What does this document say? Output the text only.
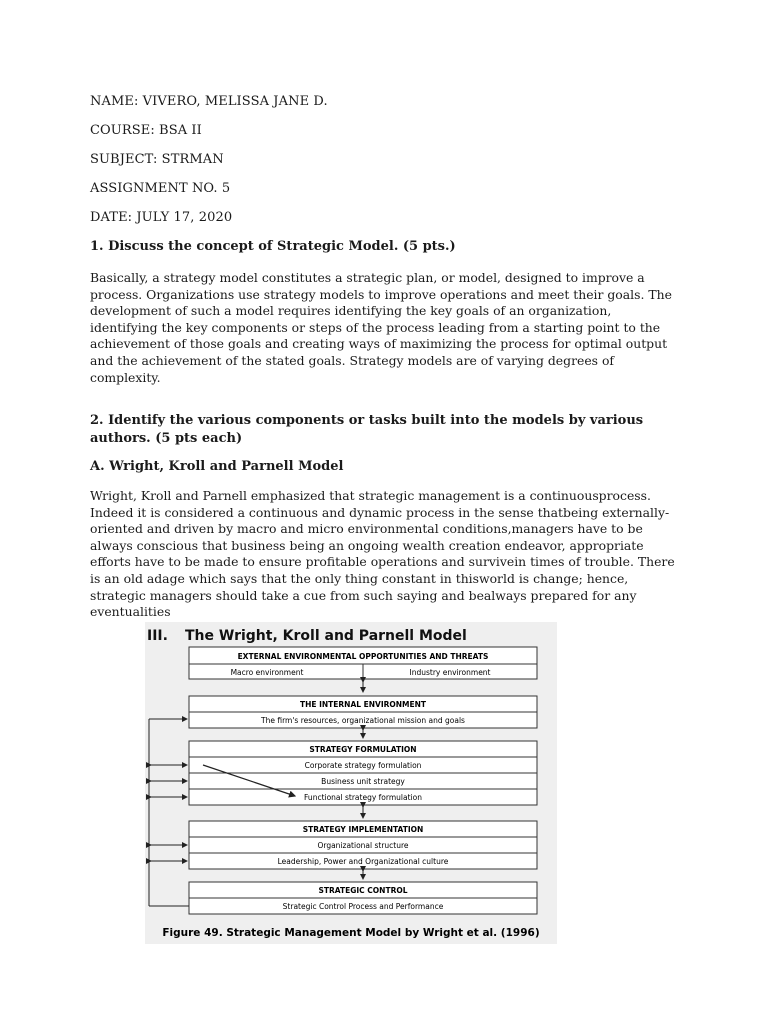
NAME: VIVERO, MELISSA JANE D.
COURSE: BSA II
SUBJECT: STRMAN
ASSIGNMENT NO. 5
DATE: JULY 17, 2020
1. Discuss the concept of Strategic Model. (5 pts.)
Basically, a strategy model constitutes a strategic plan, or model, designed to improve a process. Organizations use strategy models to improve operations and meet their goals. The development of such a model requires identifying the key goals of an organization, identifying the key components or steps of the process leading from a starting point to the achievement of those goals and creating ways of maximizing the process for optimal output and the achievement of the stated goals. Strategy models are of varying degrees of complexity.
2. Identify the various components or tasks built into the models by various authors. (5 pts each)
A. Wright, Kroll and Parnell Model
Wright, Kroll and Parnell emphasized that strategic management is a continuousprocess. Indeed it is considered a continuous and dynamic process in the sense thatbeing externally-oriented and driven by macro and micro environmental conditions,managers have to be always conscious that business being an ongoing wealth creation endeavor, appropriate efforts have to be made to ensure profitable operations and survivein times of trouble. There is an old adage which says that the only thing constant in thisworld is change; hence, strategic managers should take a cue from such saying and bealways prepared for any eventualities
III. The Wright, Kroll and Parnell Model
EXTERNAL ENVIRONMENTAL OPPORTUNITIES AND THREATS
Macro environment	Industry environment
THE INTERNAL ENVIRONMENT
The firm's resources, organizational mission and goals
STRATEGY FORMULATION
Corporate strategy formulation
Business unit strategy
Functional strategy formulation
STRATEGY IMPLEMENTATION
Organizational structure
Leadership, Power and Organizational culture
STRATEGIC CONTROL
Strategic Control Process and Performance
Figure 49. Strategic Management Model by Wright et al. (1996)
